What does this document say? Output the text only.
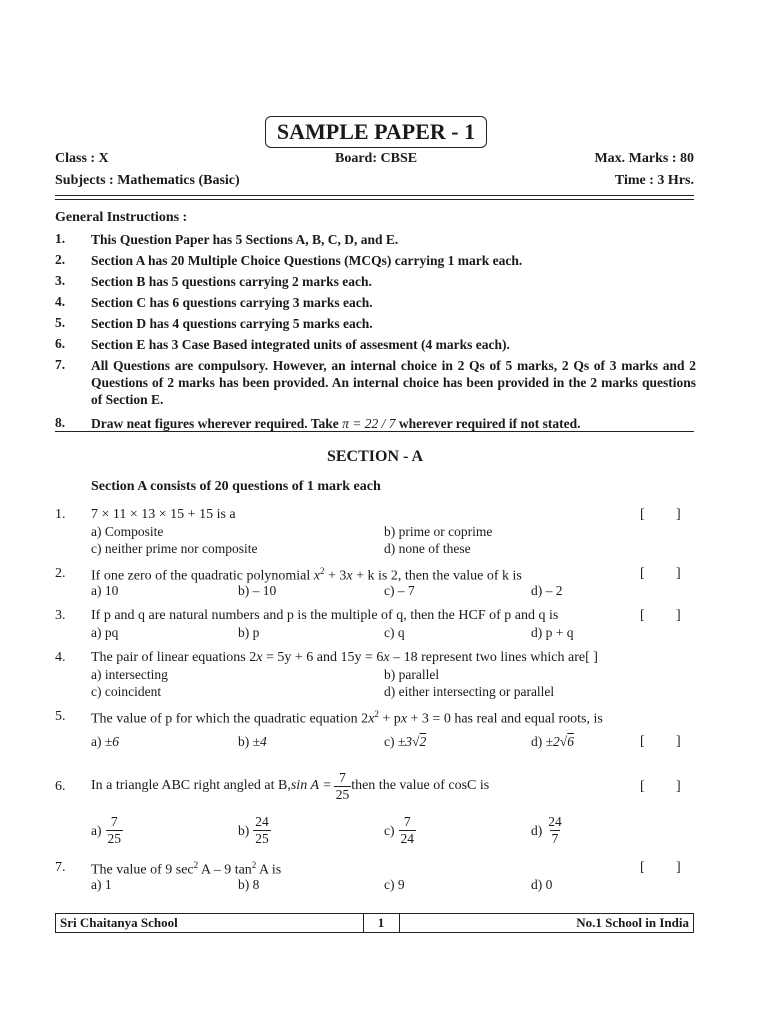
SAMPLE PAPER - 1
Class : X	Board: CBSE	Max. Marks : 80
Subjects : Mathematics (Basic)	Time : 3 Hrs.
General Instructions :
1. This Question Paper has 5 Sections A, B, C, D, and E.
2. Section A has 20 Multiple Choice Questions (MCQs) carrying 1 mark each.
3. Section B has 5 questions carrying 2 marks each.
4. Section C has 6 questions carrying 3 marks each.
5. Section D has 4 questions carrying 5 marks each.
6. Section E has 3 Case Based integrated units of assesment (4 marks each).
7. All Questions are compulsory. However, an internal choice in 2 Qs of 5 marks, 2 Qs of 3 marks and 2 Questions of 2 marks has been provided. An internal choice has been provided in the 2 marks questions of Section E.
8. Draw neat figures wherever required. Take π = 22 / 7 wherever required if not stated.
SECTION - A
Section A consists of 20 questions of 1 mark each
1. 7 × 11 × 13 × 15 + 15 is a	[ ]
a) Composite	b) prime or coprime
c) neither prime nor composite	d) none of these
2. If one zero of the quadratic polynomial $x^2 + 3x + k$ is 2, then the value of k is	[ ]
a) 10	b) – 10	c) – 7	d) – 2
3. If p and q are natural numbers and p is the multiple of q, then the HCF of p and q is	[ ]
a) pq	b) p	c) q	d) p + q
4. The pair of linear equations 2x = 5y + 6 and 15y = 6x – 18 represent two lines which are[ ]
a) intersecting	b) parallel
c) coincident	d) either intersecting or parallel
5. The value of p for which the quadratic equation $2x^2$ + px + 3 = 0 has real and equal roots, is
a) ±6	b) ±4	c) ±3√2	d) ±2√6	[ ]
6. In a triangle ABC right angled at B, $\sin A = \frac{7}{25}$ then the value of cosC is	[ ]
$a) \frac{7}{25}$	$b) \frac{24}{25}$	$c) \frac{7}{24}$	$d) \frac{24}{7}$
7. The value of 9 $\sec^2 A - 9$ $\tan^2 A$ is	[ ]
a) 1	b) 8	c) 9	d) 0
Sri Chaitanya School	1	No.1 School in India
